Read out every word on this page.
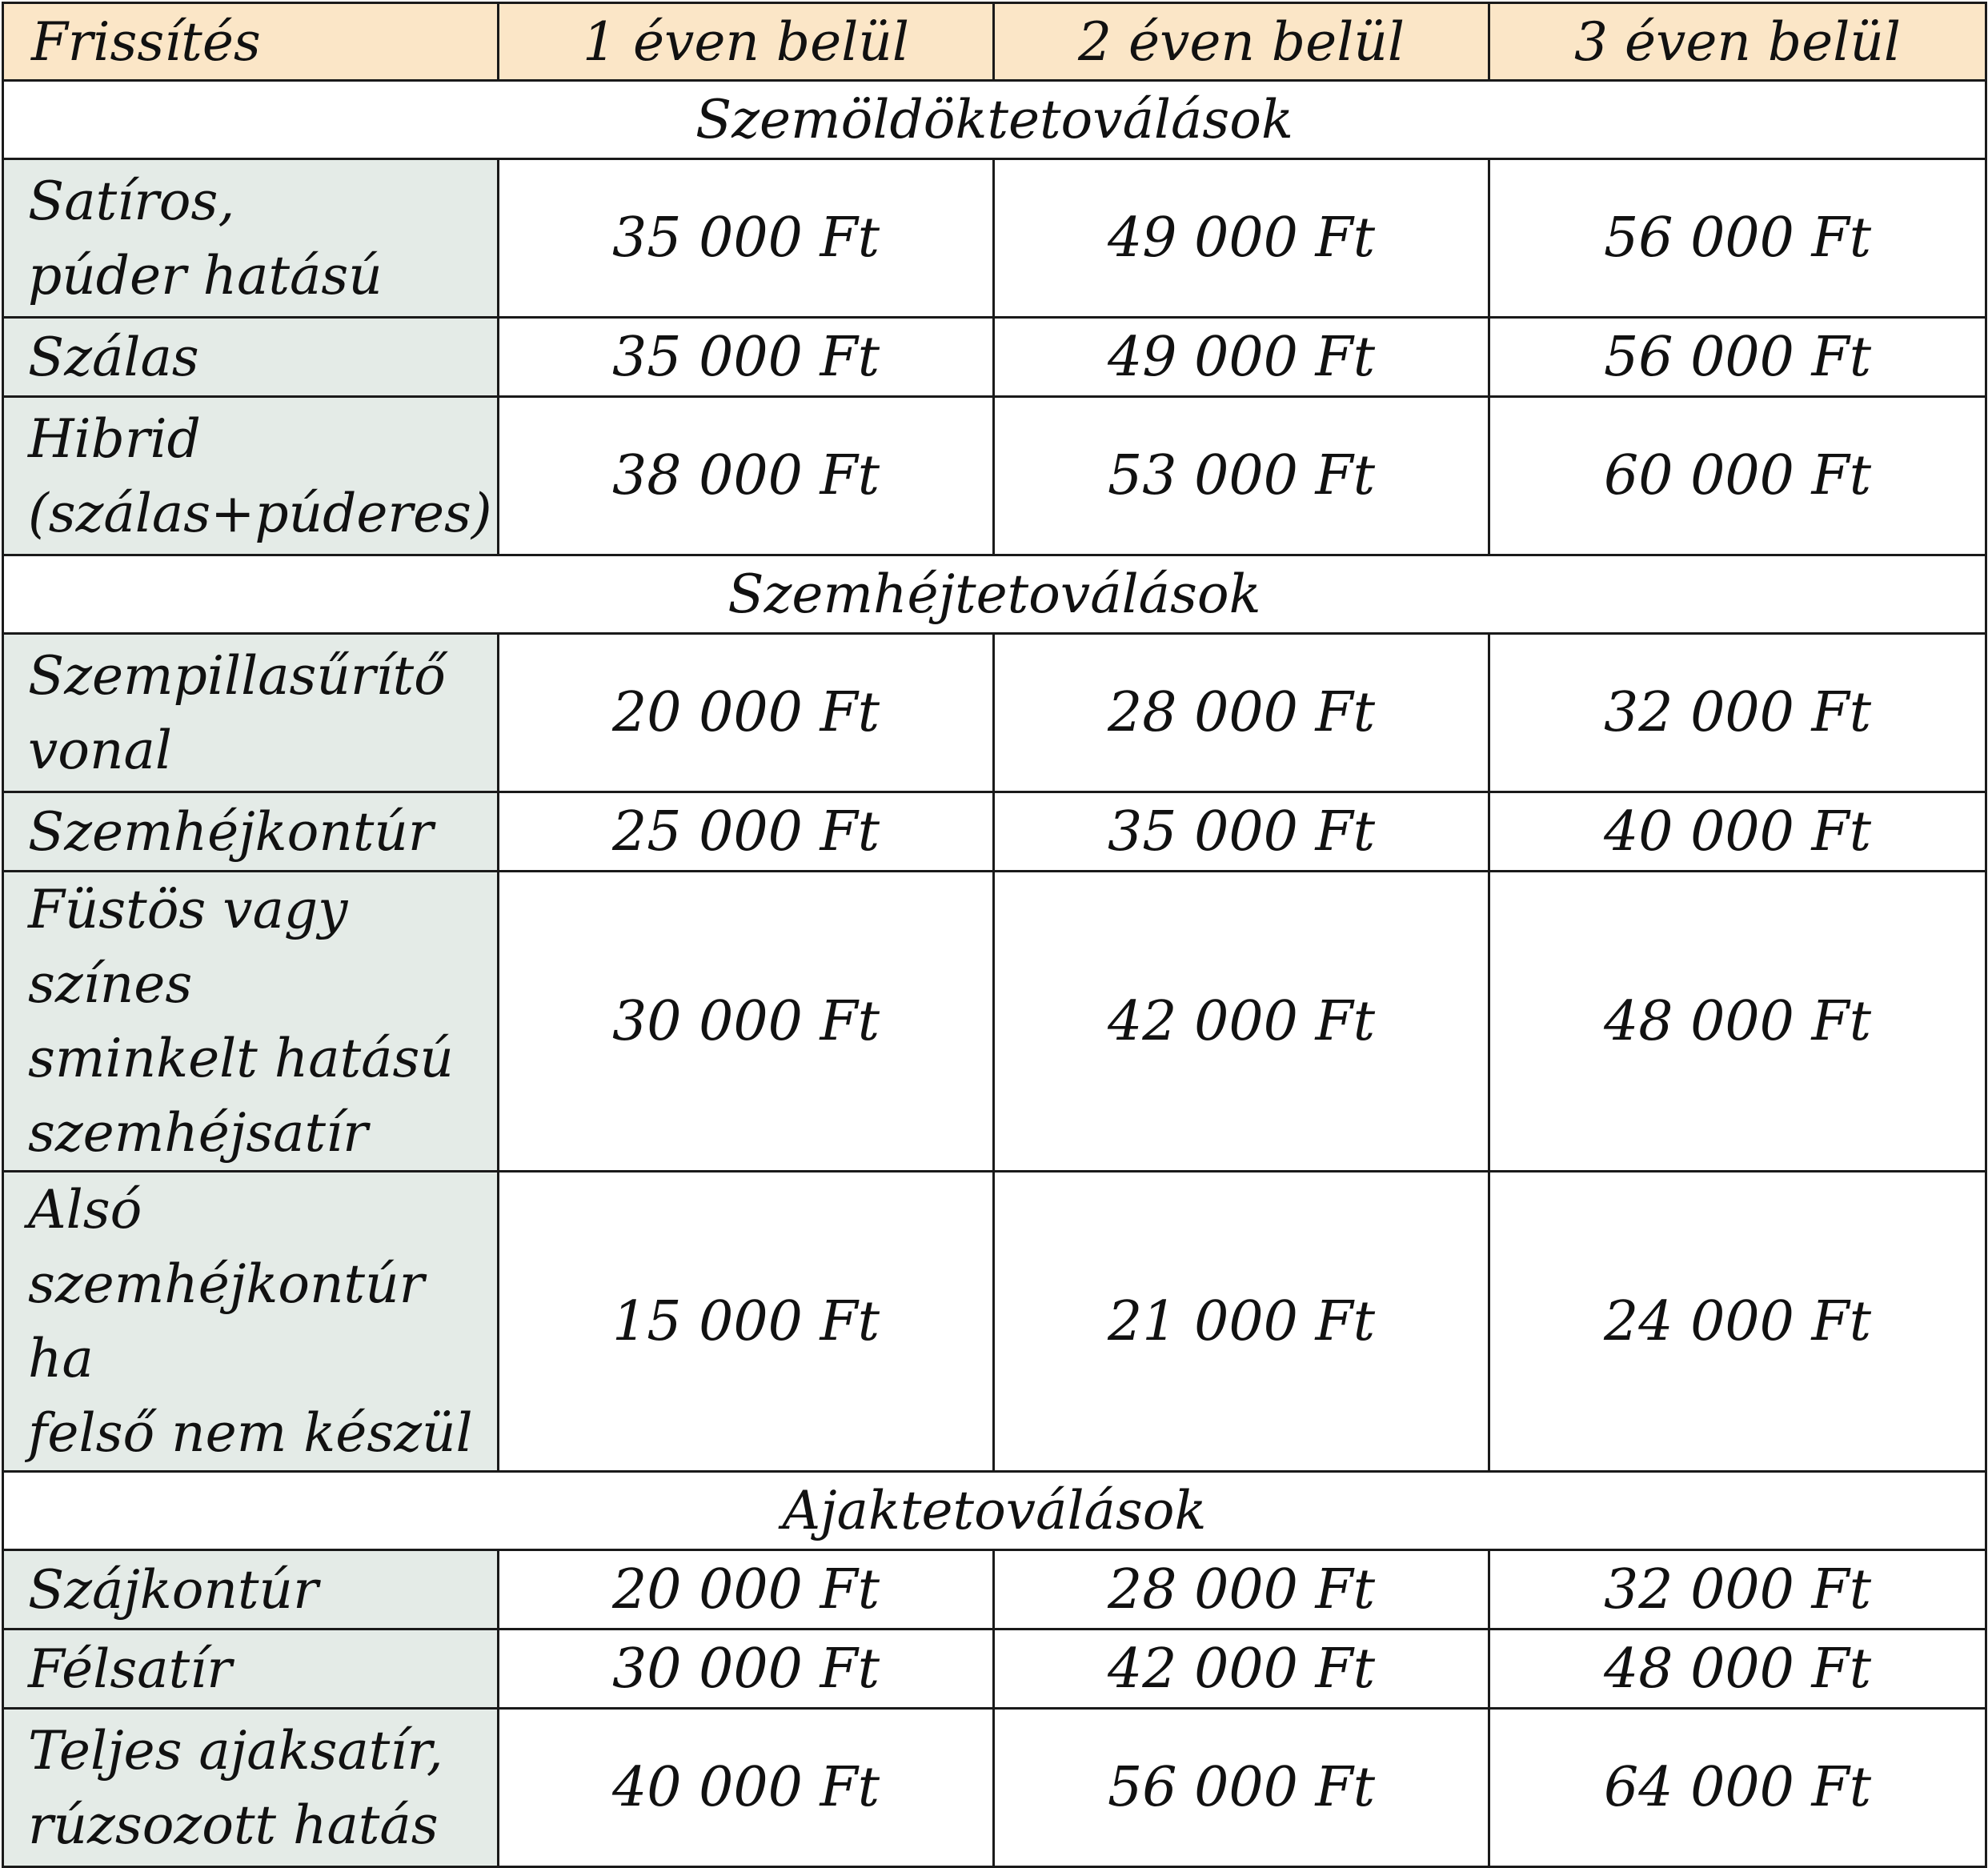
Frissítés	1 éven belül	2 éven belül	3 éven belül
Szemöldöktetoválások			
Satíros,
púder hatású	35 000 Ft	49 000 Ft	56 000 Ft
Szálas	35 000 Ft	49 000 Ft	56 000 Ft
Hibrid
(szálas+púderes)	38 000 Ft	53 000 Ft	60 000 Ft
Szemhéjtetoválások			
Szempillasűrítő
vonal	20 000 Ft	28 000 Ft	32 000 Ft
Szemhéjkontúr	25 000 Ft	35 000 Ft	40 000 Ft
Füstös vagy színes
sminkelt hatású
szemhéjsatír	30 000 Ft	42 000 Ft	48 000 Ft
Alsó
szemhéjkontúr ha
felső nem készül	15 000 Ft	21 000 Ft	24 000 Ft
Ajaktetoválások			
Szájkontúr	20 000 Ft	28 000 Ft	32 000 Ft
Félsatír	30 000 Ft	42 000 Ft	48 000 Ft
Teljes ajaksatír,
rúzsozott hatás	40 000 Ft	56 000 Ft	64 000 Ft
